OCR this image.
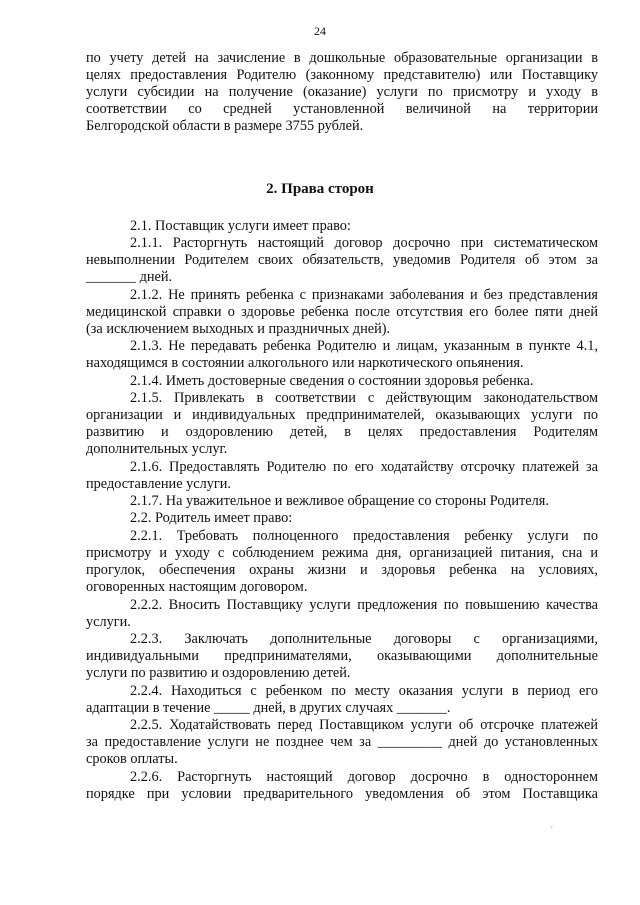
24
по учету детей на зачисление в дошкольные образовательные организации в
целях предоставления Родителю (законному представителю) или Поставщику
услуги субсидии на получение (оказание) услуги по присмотру и уходу в
соответствии со средней установленной величиной на территории
Белгородской области в размере 3755 рублей.
2. Права сторон
2.1. Поставщик услуги имеет право:
2.1.1. Расторгнуть настоящий договор досрочно при систематическом
невыполнении Родителем своих обязательств, уведомив Родителя об этом за
_______ дней.
2.1.2. Не принять ребенка с признаками заболевания и без представления
медицинской справки о здоровье ребенка после отсутствия его более пяти дней
(за исключением выходных и праздничных дней).
2.1.3. Не передавать ребенка Родителю и лицам, указанным в пункте 4.1,
находящимся в состоянии алкогольного или наркотического опьянения.
2.1.4. Иметь достоверные сведения о состоянии здоровья ребенка.
2.1.5. Привлекать в соответствии с действующим законодательством
организации и индивидуальных предпринимателей, оказывающих услуги по
развитию и оздоровлению детей, в целях предоставления Родителям
дополнительных услуг.
2.1.6. Предоставлять Родителю по его ходатайству отсрочку платежей за
предоставление услуги.
2.1.7. На уважительное и вежливое обращение со стороны Родителя.
2.2. Родитель имеет право:
2.2.1. Требовать полноценного предоставления ребенку услуги по
присмотру и уходу с соблюдением режима дня, организацией питания, сна и
прогулок, обеспечения охраны жизни и здоровья ребенка на условиях,
оговоренных настоящим договором.
2.2.2. Вносить Поставщику услуги предложения по повышению качества
услуги.
2.2.3. Заключать дополнительные договоры с организациями,
индивидуальными предпринимателями, оказывающими дополнительные
услуги по развитию и оздоровлению детей.
2.2.4. Находиться с ребенком по месту оказания услуги в период его
адаптации в течение _____ дней, в других случаях _______.
2.2.5. Ходатайствовать перед Поставщиком услуги об отсрочке платежей
за предоставление услуги не позднее чем за _________ дней до установленных
сроков оплаты.
2.2.6. Расторгнуть настоящий договор досрочно в одностороннем
порядке при условии предварительного уведомления об этом Поставщика
´
